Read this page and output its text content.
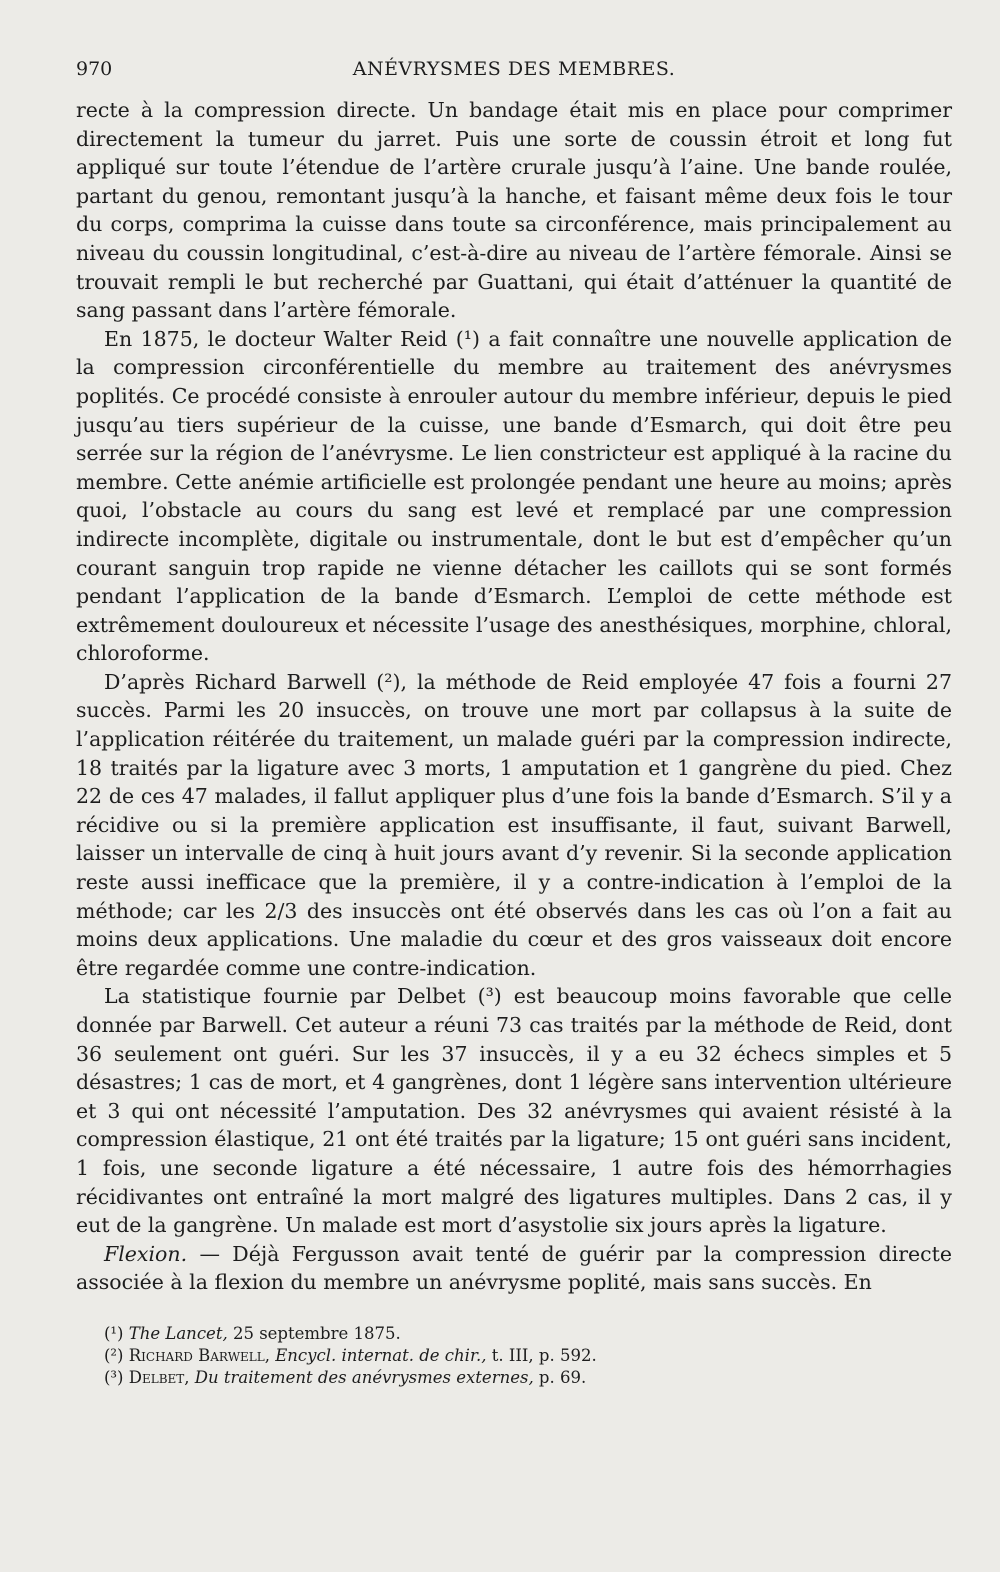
970	ANÉVRYSMES DES MEMBRES.

recte à la compression directe. Un bandage était mis en place pour comprimer directement la tumeur du jarret. Puis une sorte de coussin étroit et long fut appliqué sur toute l’étendue de l’artère crurale jusqu’à l’aine. Une bande roulée, partant du genou, remontant jusqu’à la hanche, et faisant même deux fois le tour du corps, comprima la cuisse dans toute sa circonférence, mais principalement au niveau du coussin longitudinal, c’est-à-dire au niveau de l’artère fémorale. Ainsi se trouvait rempli le but recherché par Guattani, qui était d’atténuer la quantité de sang passant dans l’artère fémorale.

En 1875, le docteur Walter Reid (¹) a fait connaître une nouvelle application de la compression circonférentielle du membre au traitement des anévrysmes poplités. Ce procédé consiste à enrouler autour du membre inférieur, depuis le pied jusqu’au tiers supérieur de la cuisse, une bande d’Esmarch, qui doit être peu serrée sur la région de l’anévrysme. Le lien constricteur est appliqué à la racine du membre. Cette anémie artificielle est prolongée pendant une heure au moins; après quoi, l’obstacle au cours du sang est levé et remplacé par une compression indirecte incomplète, digitale ou instrumentale, dont le but est d’empêcher qu’un courant sanguin trop rapide ne vienne détacher les caillots qui se sont formés pendant l’application de la bande d’Esmarch. L’emploi de cette méthode est extrêmement douloureux et nécessite l’usage des anesthésiques, morphine, chloral, chloroforme.

D’après Richard Barwell (²), la méthode de Reid employée 47 fois a fourni 27 succès. Parmi les 20 insuccès, on trouve une mort par collapsus à la suite de l’application réitérée du traitement, un malade guéri par la compression indirecte, 18 traités par la ligature avec 3 morts, 1 amputation et 1 gangrène du pied. Chez 22 de ces 47 malades, il fallut appliquer plus d’une fois la bande d’Esmarch. S’il y a récidive ou si la première application est insuffisante, il faut, suivant Barwell, laisser un intervalle de cinq à huit jours avant d’y revenir. Si la seconde application reste aussi inefficace que la première, il y a contre-indication à l’emploi de la méthode; car les 2/3 des insuccès ont été observés dans les cas où l’on a fait au moins deux applications. Une maladie du cœur et des gros vaisseaux doit encore être regardée comme une contre-indication.

La statistique fournie par Delbet (³) est beaucoup moins favorable que celle donnée par Barwell. Cet auteur a réuni 73 cas traités par la méthode de Reid, dont 36 seulement ont guéri. Sur les 37 insuccès, il y a eu 32 échecs simples et 5 désastres; 1 cas de mort, et 4 gangrènes, dont 1 légère sans intervention ultérieure et 3 qui ont nécessité l’amputation. Des 32 anévrysmes qui avaient résisté à la compression élastique, 21 ont été traités par la ligature; 15 ont guéri sans incident, 1 fois, une seconde ligature a été nécessaire, 1 autre fois des hémorrhagies récidivantes ont entraîné la mort malgré des ligatures multiples. Dans 2 cas, il y eut de la gangrène. Un malade est mort d’asystolie six jours après la ligature.

Flexion. — Déjà Fergusson avait tenté de guérir par la compression directe associée à la flexion du membre un anévrysme poplité, mais sans succès. En

(¹) The Lancet, 25 septembre 1875.

(²) Richard Barwell, Encycl. internat. de chir., t. III, p. 592.

(³) Delbet, Du traitement des anévrysmes externes, p. 69.
